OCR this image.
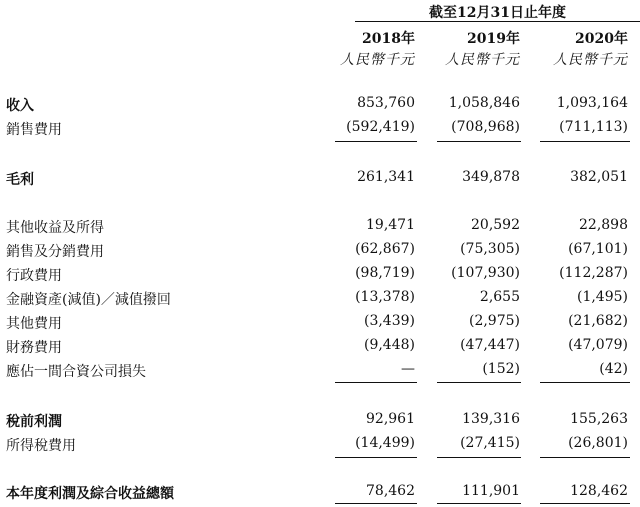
截至12月31日止年度
2018年	2019年	2020年
人民幣千元	人民幣千元	人民幣千元
收入	853,760	1,058,846	1,093,164
銷售費用	(592,419)	(708,968)	(711,113)
毛利	261,341	349,878	382,051
其他收益及所得	19,471	20,592	22,898
銷售及分銷費用	(62,867)	(75,305)	(67,101)
行政費用	(98,719)	(107,930)	(112,287)
金融資產(減值)／減值撥回	(13,378)	2,655	(1,495)
其他費用	(3,439)	(2,975)	(21,682)
財務費用	(9,448)	(47,447)	(47,079)
應佔一間合資公司損失	—	(152)	(42)
稅前利潤	92,961	139,316	155,263
所得稅費用	(14,499)	(27,415)	(26,801)
本年度利潤及綜合收益總額	78,462	111,901	128,462
